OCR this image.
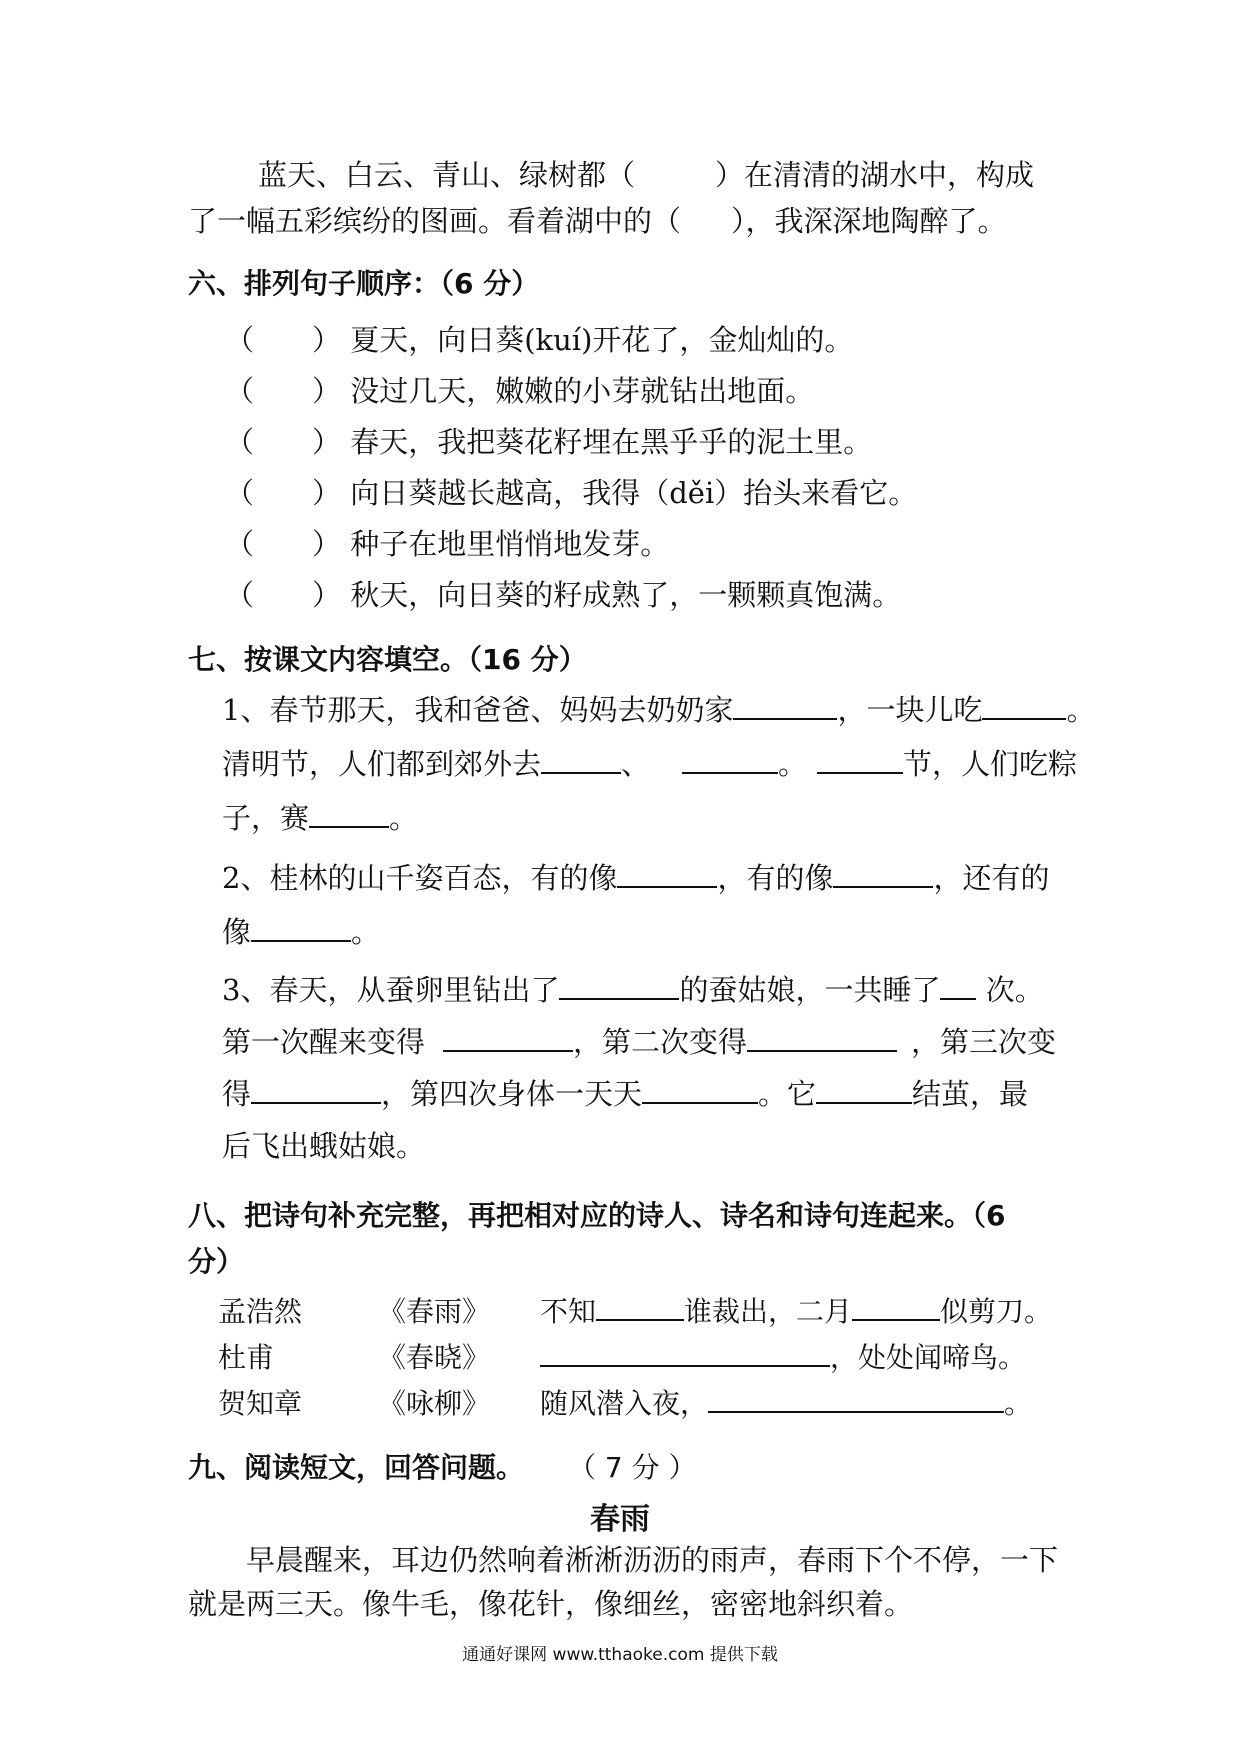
蓝天、白云、青山、绿树都（	）在清清的湖水中，构成
了一幅五彩缤纷的图画。看着湖中的（ ），我深深地陶醉了。
六、排列句子顺序：（6 分）
（　　） 夏天，向日葵(kuí)开花了，金灿灿的。
（　　） 没过几天，嫩嫩的小芽就钻出地面。
（　　） 春天，我把葵花籽埋在黑乎乎的泥土里。
（　　） 向日葵越长越高，我得（děi）抬头来看它。
（　　） 种子在地里悄悄地发芽。
（　　） 秋天，向日葵的籽成熟了，一颗颗真饱满。
七、按课文内容填空。（16 分）
1、春节那天，我和爸爸、妈妈去奶奶家	，一块儿吃	。
清明节，人们都到郊外去	、	。	节，人们吃粽
子，赛	。
2、桂林的山千姿百态，有的像	，有的像	，还有的
像	。
3、春天，从蚕卵里钻出了	的蚕姑娘，一共睡了 次。
第一次醒来变得	，第二次变得	，第三次变
得	，第四次身体一天天	。它	结茧，最
后飞出蛾姑娘。
八、把诗句补充完整，再把相对应的诗人、诗名和诗句连起来。（6
分）
孟浩然	《春雨》 不知	谁裁出，二月	似剪刀。
杜甫	《春晓》	，处处闻啼鸟。
贺知章	《咏柳》 随风潜入夜，	。
九、阅读短文，回答问题。 （ 7 分 ）
春雨
早晨醒来，耳边仍然响着淅淅沥沥的雨声，春雨下个不停，一下
就是两三天。像牛毛，像花针，像细丝，密密地斜织着。
通通好课网 www.tthaoke.com 提供下载
